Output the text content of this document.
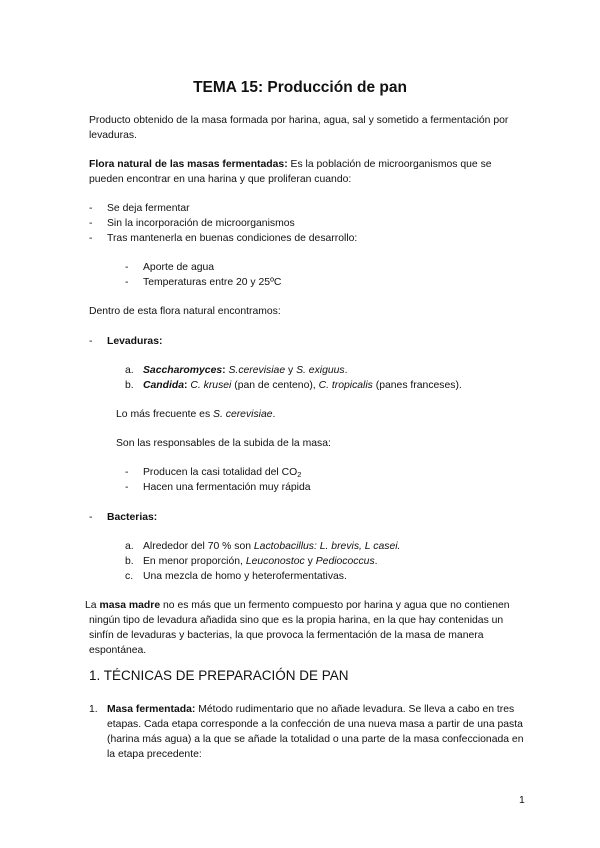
TEMA 15: Producción de pan
Producto obtenido de la masa formada por harina, agua, sal y sometido a fermentación por levaduras.
Flora natural de las masas fermentadas: Es la población de microorganismos que se pueden encontrar en una harina y que proliferan cuando:
- Se deja fermentar
- Sin la incorporación de microorganismos
- Tras mantenerla en buenas condiciones de desarrollo:
- Aporte de agua
- Temperaturas entre 20 y 25ºC
Dentro de esta flora natural encontramos:
- Levaduras:
a. Saccharomyces: S.cerevisiae y S. exiguus.
b. Candida: C. krusei (pan de centeno), C. tropicalis (panes franceses).
Lo más frecuente es S. cerevisiae.
Son las responsables de la subida de la masa:
- Producen la casi totalidad del $CO_2$
- Hacen una fermentación muy rápida
- Bacterias:
a. Alrededor del 70 % son Lactobacillus: L. brevis, L casei.
b. En menor proporción, Leuconostoc y Pediococcus.
c. Una mezcla de homo y heterofermentativas.
La masa madre no es más que un fermento compuesto por harina y agua que no contienen ningún tipo de levadura añadida sino que es la propia harina, en la que hay contenidas un sinfín de levaduras y bacterias, la que provoca la fermentación de la masa de manera espontánea.
1. TÉCNICAS DE PREPARACIÓN DE PAN
1. Masa fermentada: Método rudimentario que no añade levadura. Se lleva a cabo en tres etapas. Cada etapa corresponde a la confección de una nueva masa a partir de una pasta (harina más agua) a la que se añade la totalidad o una parte de la masa confeccionada en la etapa precedente:
1
